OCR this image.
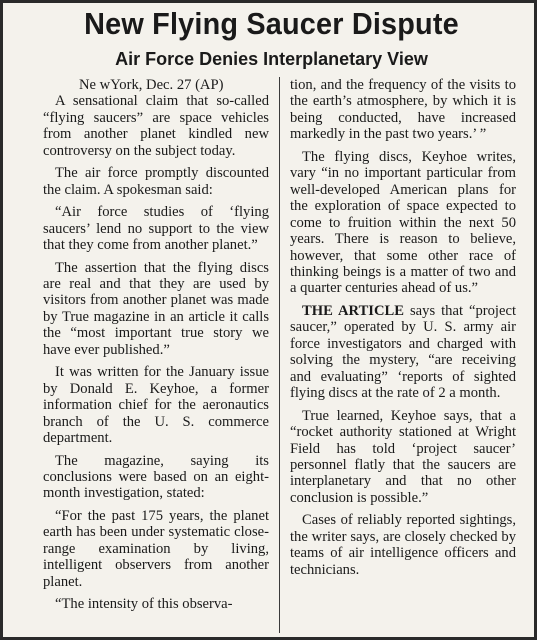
New Flying Saucer Dispute
Air Force Denies Interplanetary View

Ne wYork, Dec. 27 (AP)

A sensational claim that so-called “flying saucers” are space vehicles from another planet kindled new controversy on the subject today.

The air force promptly discounted the claim. A spokesman said:

“Air force studies of ‘flying saucers’ lend no support to the view that they come from another planet.”

The assertion that the flying discs are real and that they are used by visitors from another planet was made by True magazine in an article it calls the “most important true story we have ever published.”

It was written for the January issue by Donald E. Keyhoe, a former information chief for the aeronautics branch of the U. S. commerce department.

The magazine, saying its conclusions were based on an eight-month investigation, stated:

“For the past 175 years, the planet earth has been under systematic close-range examination by living, intelligent observers from another planet.

“The intensity of this observa-

tion, and the frequency of the visits to the earth’s atmosphere, by which it is being conducted, have increased markedly in the past two years.’ ”

The flying discs, Keyhoe writes, vary “in no important particular from well-developed American plans for the exploration of space expected to come to fruition within the next 50 years. There is reason to believe, however, that some other race of thinking beings is a matter of two and a quarter centuries ahead of us.”

THE ARTICLE says that “project saucer,” operated by U. S. army air force investigators and charged with solving the mystery, “are receiving and evaluating” ‘reports of sighted flying discs at the rate of 2 a month.

True learned, Keyhoe says, that a “rocket authority stationed at Wright Field has told ‘project saucer’ personnel flatly that the saucers are interplanetary and that no other conclusion is possible.”

Cases of reliably reported sightings, the writer says, are closely checked by teams of air intelligence officers and technicians.
